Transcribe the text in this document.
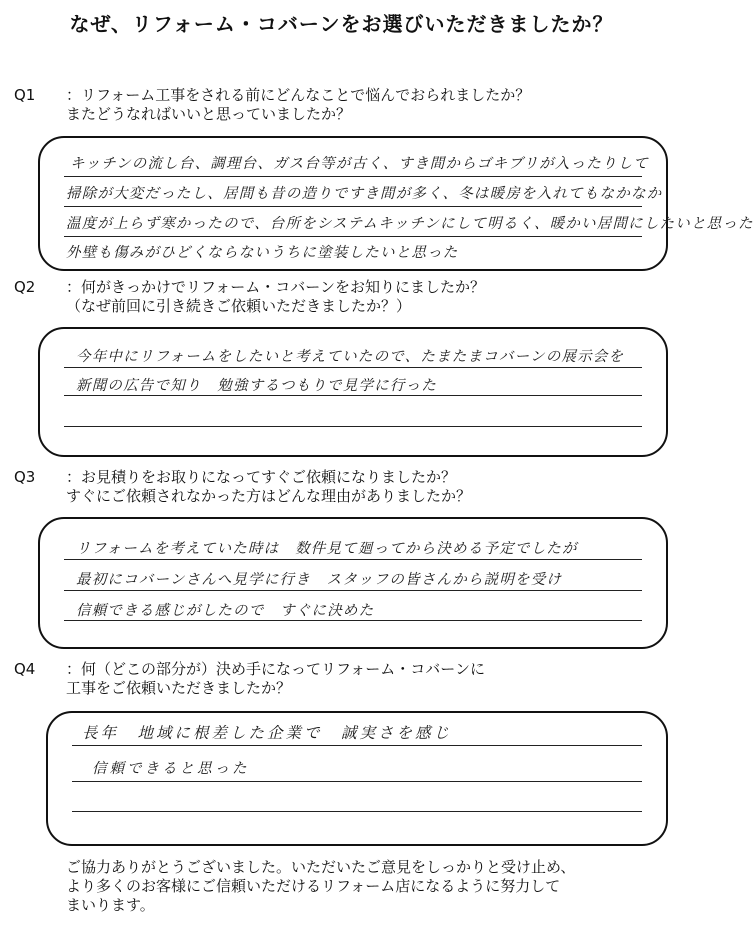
なぜ、リフォーム・コバーンをお選びいただきましたか？
Q1	：リフォーム工事をされる前にどんなことで悩んでおられましたか？
またどうなればいいと思っていましたか？
キッチンの流し台、調理台、ガス台等が古く、すき間からゴキブリが入ったりして
掃除が大変だったし、居間も昔の造りですき間が多く、冬は暖房を入れてもなかなか
温度が上らず寒かったので、台所をシステムキッチンにして明るく、暖かい居間にしたいと思った
外壁も傷みがひどくならないうちに塗装したいと思った
Q2	：何がきっかけでリフォーム・コバーンをお知りにましたか？
（なぜ前回に引き続きご依頼いただきましたか？）
今年中にリフォームをしたいと考えていたので、たまたまコバーンの展示会を
新聞の広告で知り　勉強するつもりで見学に行った
Q3	：お見積りをお取りになってすぐご依頼になりましたか？
すぐにご依頼されなかった方はどんな理由がありましたか？
リフォームを考えていた時は　数件見て廻ってから決める予定でしたが
最初にコバーンさんへ見学に行き　スタッフの皆さんから説明を受け
信頼できる感じがしたので　すぐに決めた
Q4	：何（どこの部分が）決め手になってリフォーム・コバーンに
工事をご依頼いただきましたか？
長年　地域に根差した企業で　誠実さを感じ
信頼できると思った
ご協力ありがとうございました。いただいたご意見をしっかりと受け止め、
より多くのお客様にご信頼いただけるリフォーム店になるように努力して
まいります。
